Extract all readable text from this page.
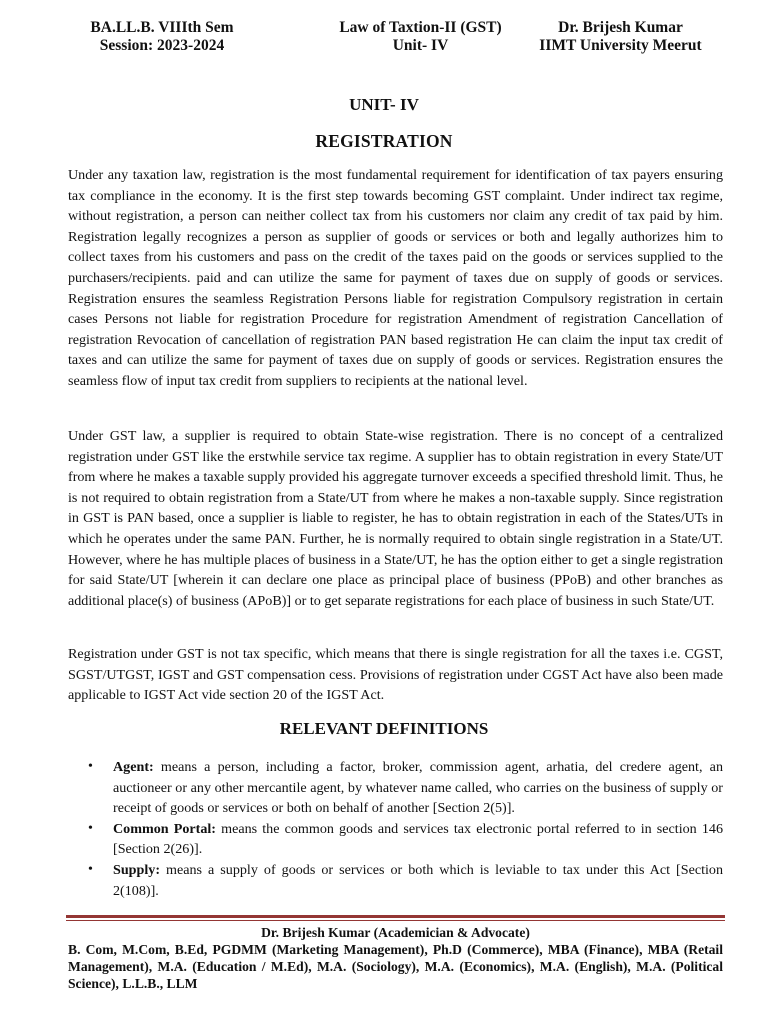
BA.LL.B. VIIIth Sem
Session: 2023-2024
Law of Taxtion-II (GST)
Unit- IV
Dr. Brijesh Kumar
IIMT University Meerut
UNIT- IV
REGISTRATION

Under any taxation law, registration is the most fundamental requirement for identification of tax payers ensuring tax compliance in the economy. It is the first step towards becoming GST complaint. Under indirect tax regime, without registration, a person can neither collect tax from his customers nor claim any credit of tax paid by him. Registration legally recognizes a person as supplier of goods or services or both and legally authorizes him to collect taxes from his customers and pass on the credit of the taxes paid on the goods or services supplied to the purchasers/recipients. paid and can utilize the same for payment of taxes due on supply of goods or services. Registration ensures the seamless Registration Persons liable for registration Compulsory registration in certain cases Persons not liable for registration Procedure for registration Amendment of registration Cancellation of registration Revocation of cancellation of registration PAN based registration He can claim the input tax credit of taxes and can utilize the same for payment of taxes due on supply of goods or services. Registration ensures the seamless flow of input tax credit from suppliers to recipients at the national level.

Under GST law, a supplier is required to obtain State-wise registration. There is no concept of a centralized registration under GST like the erstwhile service tax regime. A supplier has to obtain registration in every State/UT from where he makes a taxable supply provided his aggregate turnover exceeds a specified threshold limit. Thus, he is not required to obtain registration from a State/UT from where he makes a non-taxable supply. Since registration in GST is PAN based, once a supplier is liable to register, he has to obtain registration in each of the States/UTs in which he operates under the same PAN. Further, he is normally required to obtain single registration in a State/UT. However, where he has multiple places of business in a State/UT, he has the option either to get a single registration for said State/UT [wherein it can declare one place as principal place of business (PPoB) and other branches as additional place(s) of business (APoB)] or to get separate registrations for each place of business in such State/UT.

Registration under GST is not tax specific, which means that there is single registration for all the taxes i.e. CGST, SGST/UTGST, IGST and GST compensation cess. Provisions of registration under CGST Act have also been made applicable to IGST Act vide section 20 of the IGST Act.

RELEVANT DEFINITIONS
• Agent: means a person, including a factor, broker, commission agent, arhatia, del credere agent, an auctioneer or any other mercantile agent, by whatever name called, who carries on the business of supply or receipt of goods or services or both on behalf of another [Section 2(5)].
• Common Portal: means the common goods and services tax electronic portal referred to in section 146 [Section 2(26)].
• Supply: means a supply of goods or services or both which is leviable to tax under this Act [Section 2(108)].
Dr. Brijesh Kumar (Academician & Advocate)
B. Com, M.Com, B.Ed, PGDMM (Marketing Management), Ph.D (Commerce), MBA (Finance), MBA (Retail Management), M.A. (Education / M.Ed), M.A. (Sociology), M.A. (Economics), M.A. (English), M.A. (Political Science), L.L.B., LLM
